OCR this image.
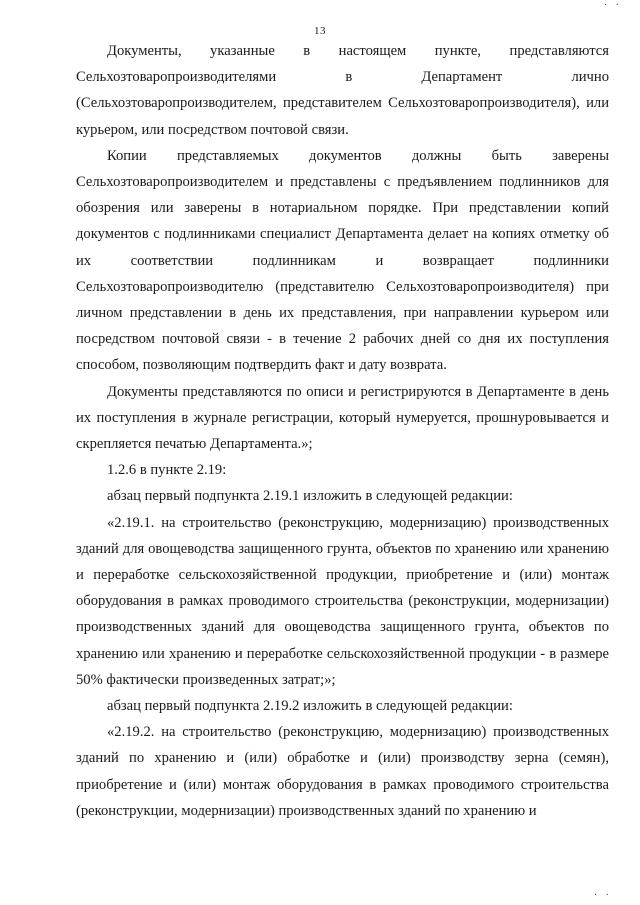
· ·
13

Документы, указанные в настоящем пункте, представляются Сельхозтоваропроизводителями в Департамент лично (Сельхозтоваропроизводителем, представителем Сельхозтоваропроизводителя), или курьером, или посредством почтовой связи.

Копии представляемых документов должны быть заверены Сельхозтоваропроизводителем и представлены с предъявлением подлинников для обозрения или заверены в нотариальном порядке. При представлении копий документов с подлинниками специалист Департамента делает на копиях отметку об их соответствии подлинникам и возвращает подлинники Сельхозтоваропроизводителю (представителю Сельхозтоваропроизводителя) при личном представлении в день их представления, при направлении курьером или посредством почтовой связи - в течение 2 рабочих дней со дня их поступления способом, позволяющим подтвердить факт и дату возврата.

Документы представляются по описи и регистрируются в Департаменте в день их поступления в журнале регистрации, который нумеруется, прошнуровывается и скрепляется печатью Департамента.»;

1.2.6 в пункте 2.19:

абзац первый подпункта 2.19.1 изложить в следующей редакции:

«2.19.1. на строительство (реконструкцию, модернизацию) производственных зданий для овощеводства защищенного грунта, объектов по хранению или хранению и переработке сельскохозяйственной продукции, приобретение и (или) монтаж оборудования в рамках проводимого строительства (реконструкции, модернизации) производственных зданий для овощеводства защищенного грунта, объектов по хранению или хранению и переработке сельскохозяйственной продукции - в размере 50% фактически произведенных затрат;»;

абзац первый подпункта 2.19.2 изложить в следующей редакции:

«2.19.2. на строительство (реконструкцию, модернизацию) производственных зданий по хранению и (или) обработке и (или) производству зерна (семян), приобретение и (или) монтаж оборудования в рамках проводимого строительства (реконструкции, модернизации) производственных зданий по хранению и

· ·
